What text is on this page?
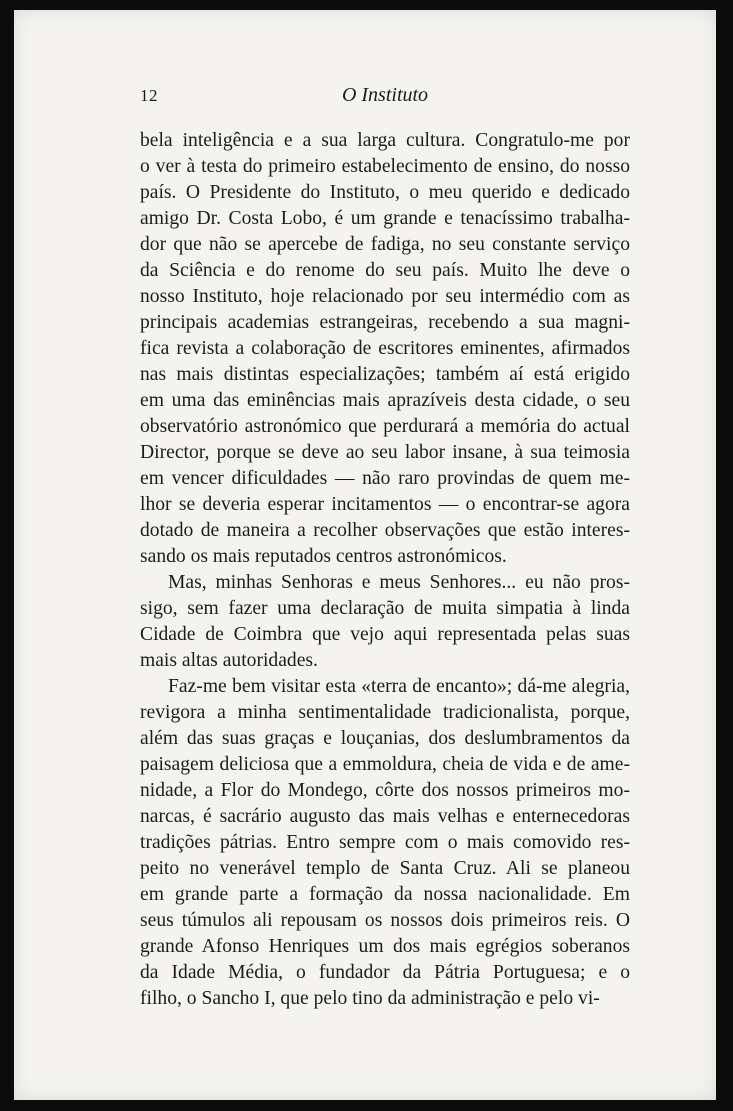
12	O Instituto
bela inteligência e a sua larga cultura. Congratulo-me por
o ver à testa do primeiro estabelecimento de ensino, do nosso
país. O Presidente do Instituto, o meu querido e dedicado
amigo Dr. Costa Lobo, é um grande e tenacíssimo trabalha-
dor que não se apercebe de fadiga, no seu constante serviço
da Sciência e do renome do seu país. Muito lhe deve o
nosso Instituto, hoje relacionado por seu intermédio com as
principais academias estrangeiras, recebendo a sua magni-
fica revista a colaboração de escritores eminentes, afirmados
nas mais distintas especializações; também aí está erigido
em uma das eminências mais aprazíveis desta cidade, o seu
observatório astronómico que perdurará a memória do actual
Director, porque se deve ao seu labor insane, à sua teimosia
em vencer dificuldades — não raro provindas de quem me-
lhor se deveria esperar incitamentos — o encontrar-se agora
dotado de maneira a recolher observações que estão interes-
sando os mais reputados centros astronómicos.
Mas, minhas Senhoras e meus Senhores... eu não pros-
sigo, sem fazer uma declaração de muita simpatia à linda
Cidade de Coimbra que vejo aqui representada pelas suas
mais altas autoridades.
Faz-me bem visitar esta «terra de encanto»; dá-me alegria,
revigora a minha sentimentalidade tradicionalista, porque,
além das suas graças e louçanias, dos deslumbramentos da
paisagem deliciosa que a emmoldura, cheia de vida e de ame-
nidade, a Flor do Mondego, côrte dos nossos primeiros mo-
narcas, é sacrário augusto das mais velhas e enternecedoras
tradições pátrias. Entro sempre com o mais comovido res-
peito no venerável templo de Santa Cruz. Ali se planeou
em grande parte a formação da nossa nacionalidade. Em
seus túmulos ali repousam os nossos dois primeiros reis. O
grande Afonso Henriques um dos mais egrégios soberanos
da Idade Média, o fundador da Pátria Portuguesa; e o
filho, o Sancho I, que pelo tino da administração e pelo vi-
